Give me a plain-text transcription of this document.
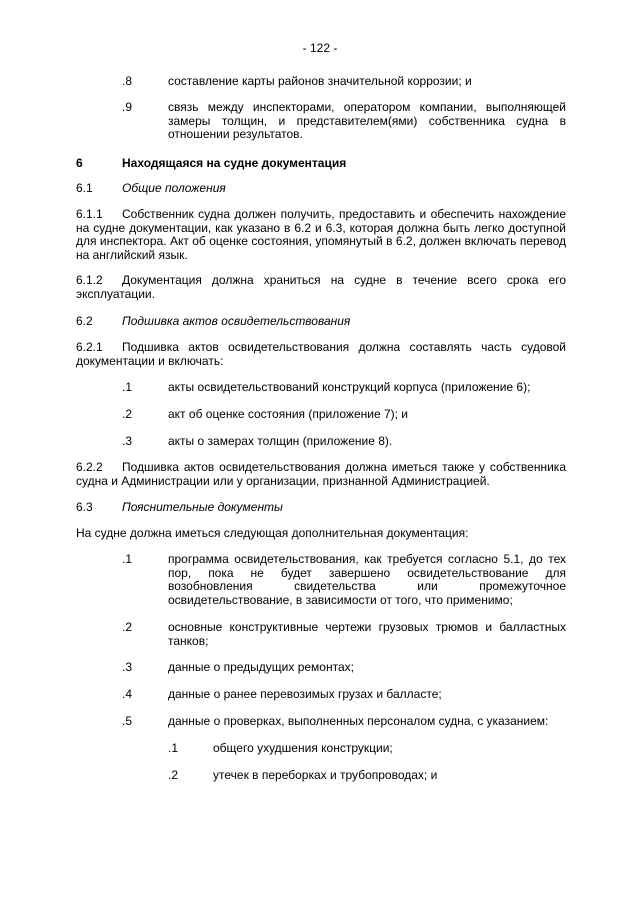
- 122 -
.8	составление карты районов значительной коррозии; и
.9	связь между инспекторами, оператором компании, выполняющей замеры толщин, и представителем(ями) собственника судна в отношении результатов.
6	Находящаяся на судне документация
6.1 Общие положения
6.1.1 Собственник судна должен получить, предоставить и обеспечить нахождение на судне документации, как указано в 6.2 и 6.3, которая должна быть легко доступной для инспектора. Акт об оценке состояния, упомянутый в 6.2, должен включать перевод на английский язык.
6.1.2 Документация должна храниться на судне в течение всего срока его эксплуатации.
6.2 Подшивка актов освидетельствования
6.2.1 Подшивка актов освидетельствования должна составлять часть судовой документации и включать:
.1	акты освидетельствований конструкций корпуса (приложение 6);
.2	акт об оценке состояния (приложение 7); и
.3	акты о замерах толщин (приложение 8).
6.2.2 Подшивка актов освидетельствования должна иметься также у собственника судна и Администрации или у организации, признанной Администрацией.
6.3 Пояснительные документы
На судне должна иметься следующая дополнительная документация:
.1	программа освидетельствования, как требуется согласно 5.1, до тех пор, пока не будет завершено освидетельствование для возобновления свидетельства или промежуточное освидетельствование, в зависимости от того, что применимо;
.2	основные конструктивные чертежи грузовых трюмов и балластных танков;
.3	данные о предыдущих ремонтах;
.4	данные о ранее перевозимых грузах и балласте;
.5	данные о проверках, выполненных персоналом судна, с указанием:
.1	общего ухудшения конструкции;
.2	утечек в переборках и трубопроводах; и
